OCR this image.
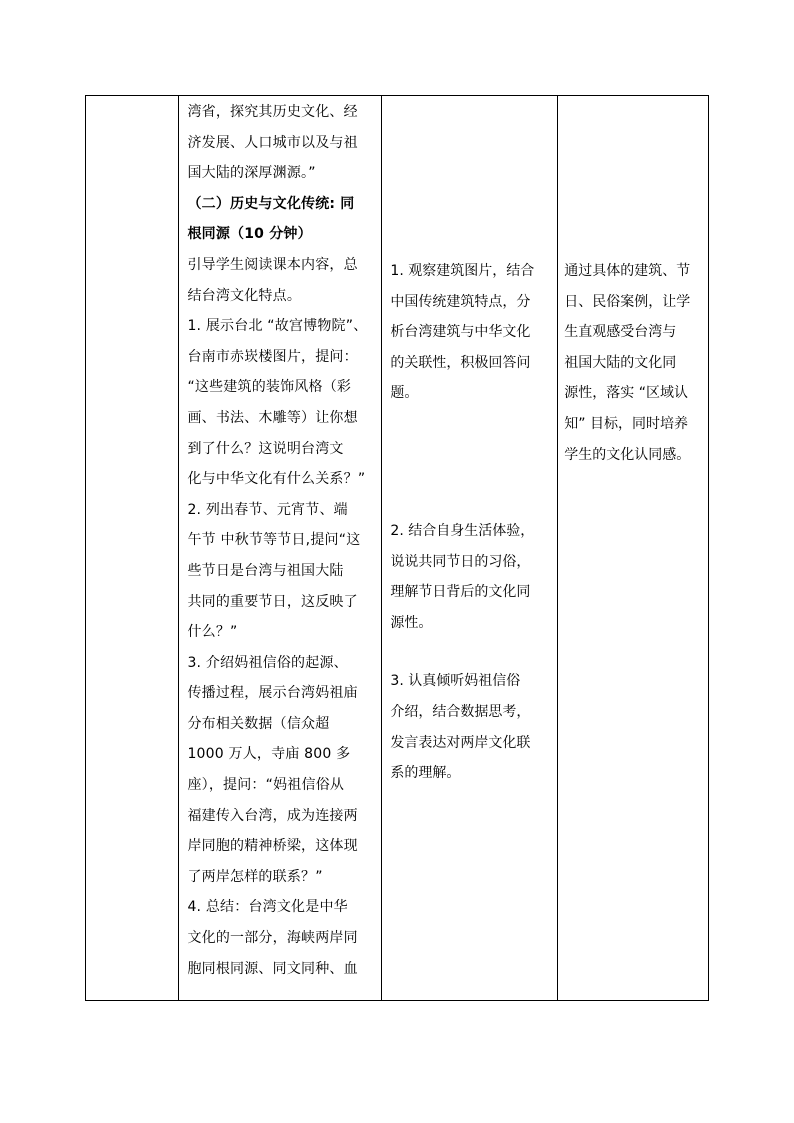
湾省，探究其历史文化、经
济发展、人口城市以及与祖
国大陆的深厚渊源。”
（二）历史与文化传统: 同
根同源（10 分钟）
引导学生阅读课本内容，总
结台湾文化特点。
1. 展示台北 “故宫博物院”、
台南市赤崁楼图片，提问：
“这些建筑的装饰风格（彩
画、书法、木雕等）让你想
到了什么？这说明台湾文
化与中华文化有什么关系？”
2. 列出春节、元宵节、端
午节 中秋节等节日,提问“这
些节日是台湾与祖国大陆
共同的重要节日，这反映了
什么？”
3. 介绍妈祖信俗的起源、
传播过程，展示台湾妈祖庙
分布相关数据（信众超
1000 万人，寺庙 800 多
座），提问：“妈祖信俗从
福建传入台湾，成为连接两
岸同胞的精神桥梁，这体现
了两岸怎样的联系？”
4. 总结：台湾文化是中华
文化的一部分，海峡两岸同
胞同根同源、同文同种、血

1. 观察建筑图片，结合
中国传统建筑特点，分
析台湾建筑与中华文化
的关联性，积极回答问
题。
2. 结合自身生活体验，
说说共同节日的习俗，
理解节日背后的文化同
源性。
3. 认真倾听妈祖信俗
介绍，结合数据思考，
发言表达对两岸文化联
系的理解。

通过具体的建筑、节
日、民俗案例，让学
生直观感受台湾与
祖国大陆的文化同
源性，落实 “区域认
知” 目标，同时培养
学生的文化认同感。
